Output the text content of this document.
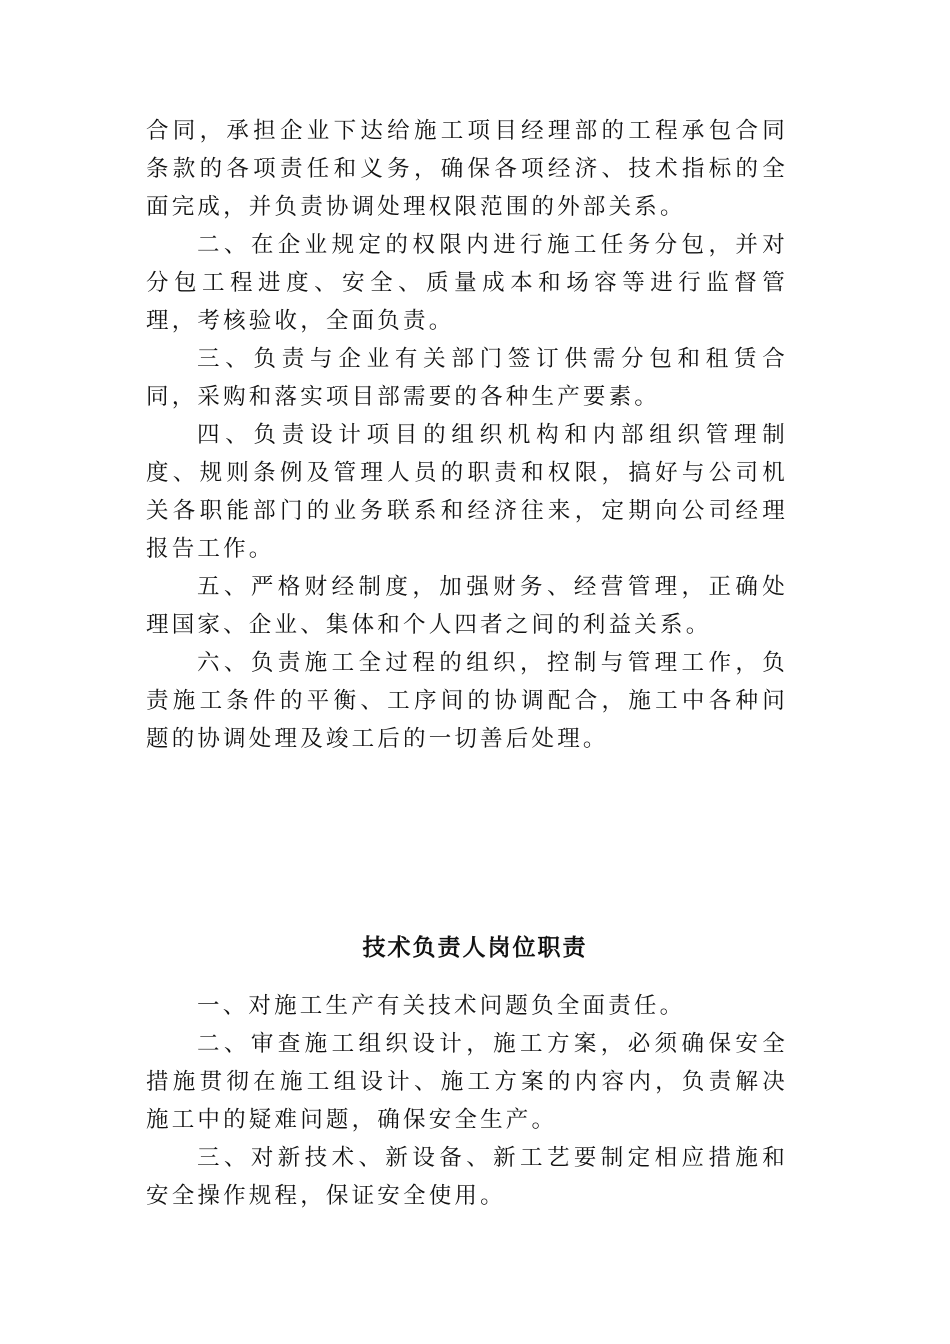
合同，承担企业下达给施工项目经理部的工程承包合同条款的各项责任和义务，确保各项经济、技术指标的全面完成，并负责协调处理权限范围的外部关系。

二、在企业规定的权限内进行施工任务分包，并对分包工程进度、安全、质量成本和场容等进行监督管理，考核验收，全面负责。

三、负责与企业有关部门签订供需分包和租赁合同，采购和落实项目部需要的各种生产要素。

四、负责设计项目的组织机构和内部组织管理制度、规则条例及管理人员的职责和权限，搞好与公司机关各职能部门的业务联系和经济往来，定期向公司经理报告工作。

五、严格财经制度，加强财务、经营管理，正确处理国家、企业、集体和个人四者之间的利益关系。

六、负责施工全过程的组织，控制与管理工作，负责施工条件的平衡、工序间的协调配合，施工中各种问题的协调处理及竣工后的一切善后处理。

技术负责人岗位职责

一、对施工生产有关技术问题负全面责任。

二、审查施工组织设计，施工方案，必须确保安全措施贯彻在施工组设计、施工方案的内容内，负责解决施工中的疑难问题，确保安全生产。

三、对新技术、新设备、新工艺要制定相应措施和安全操作规程，保证安全使用。
